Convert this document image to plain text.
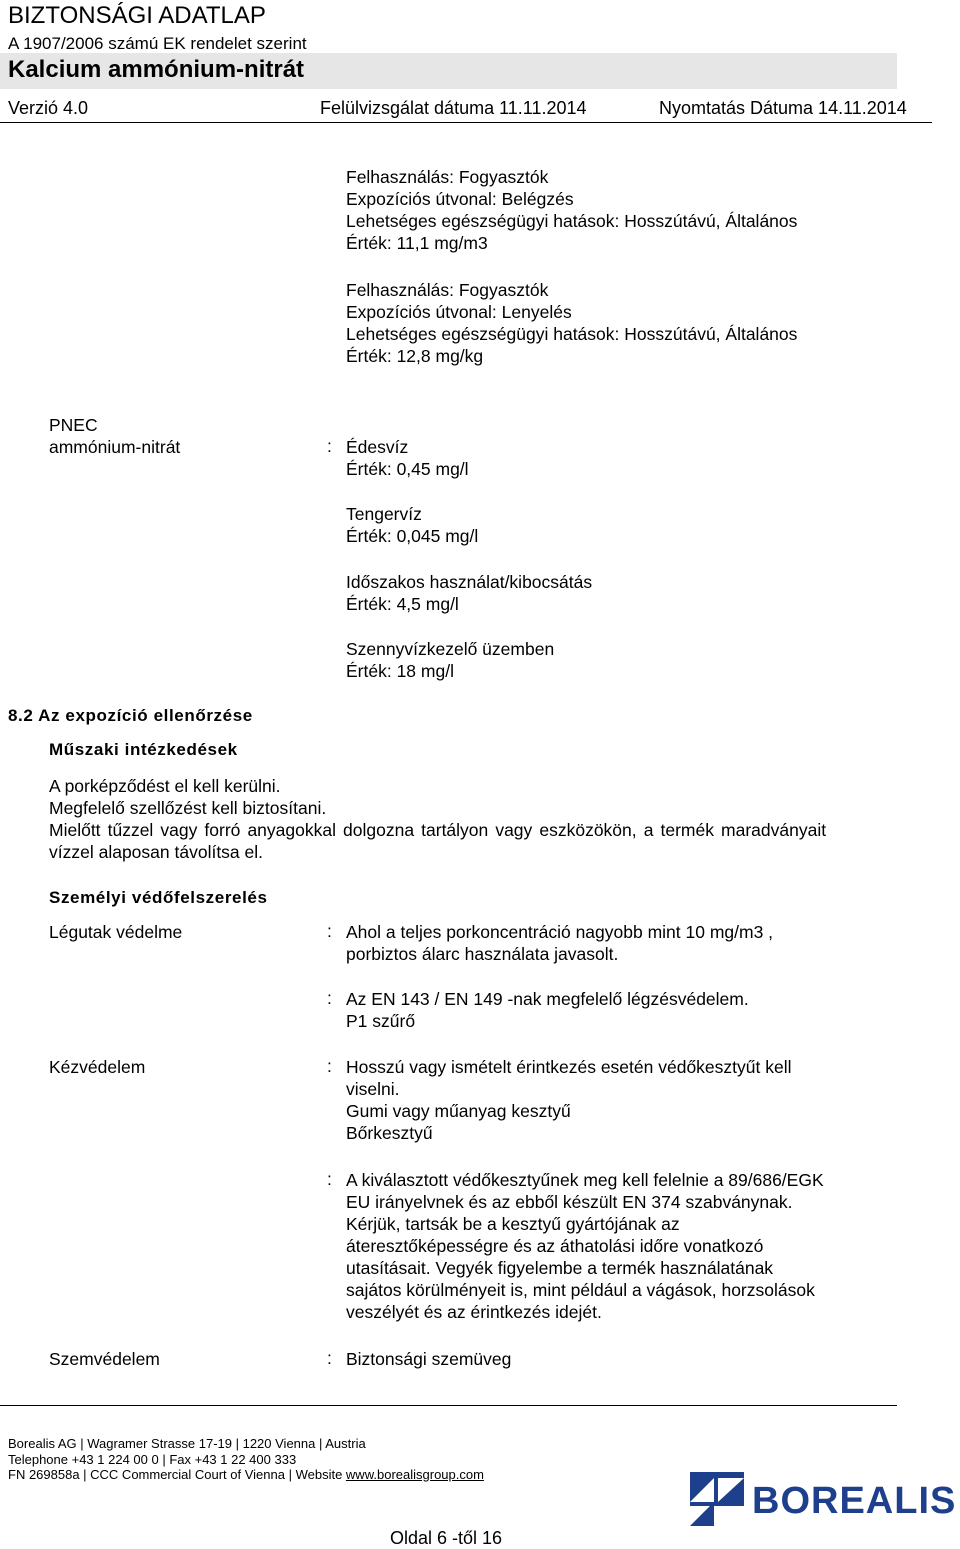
BIZTONSÁGI ADATLAP
A 1907/2006 számú EK rendelet szerint
Kalcium ammónium-nitrát
Verzió 4.0	Felülvizsgálat dátuma 11.11.2014	Nyomtatás Dátuma 14.11.2014
Felhasználás: Fogyasztók
Expozíciós útvonal: Belégzés
Lehetséges egészségügyi hatások: Hosszútávú, Általános
Érték: 11,1 mg/m3
Felhasználás: Fogyasztók
Expozíciós útvonal: Lenyelés
Lehetséges egészségügyi hatások: Hosszútávú, Általános
Érték: 12,8 mg/kg
PNEC
ammónium-nitrát	: Édesvíz
Érték: 0,45 mg/l
Tengervíz
Érték: 0,045 mg/l
Időszakos használat/kibocsátás
Érték: 4,5 mg/l
Szennyvízkezelő üzemben
Érték: 18 mg/l
8.2 Az expozíció ellenőrzése
Műszaki intézkedések
A porképződést el kell kerülni.
Megfelelő szellőzést kell biztosítani.
Mielőtt tűzzel vagy forró anyagokkal dolgozna tartályon vagy eszközökön, a termék maradványait
vízzel alaposan távolítsa el.
Személyi védőfelszerelés
Légutak védelme	: Ahol a teljes porkoncentráció nagyobb mint 10 mg/m3 ,
porbiztos álarc használata javasolt.
: Az EN 143 / EN 149 -nak megfelelő légzésvédelem.
P1 szűrő
Kézvédelem	: Hosszú vagy ismételt érintkezés esetén védőkesztyűt kell
viselni.
Gumi vagy műanyag kesztyű
Bőrkesztyű
: A kiválasztott védőkesztyűnek meg kell felelnie a 89/686/EGK
EU irányelvnek és az ebből készült EN 374 szabványnak.
Kérjük, tartsák be a kesztyű gyártójának az
áteresztőképességre és az áthatolási időre vonatkozó
utasításait. Vegyék figyelembe a termék használatának
sajátos körülményeit is, mint például a vágások, horzsolások
veszélyét és az érintkezés idejét.
Szemvédelem	: Biztonsági szemüveg
Borealis AG | Wagramer Strasse 17-19 | 1220 Vienna | Austria
Telephone +43 1 224 00 0 | Fax +43 1 22 400 333
FN 269858a | CCC Commercial Court of Vienna | Website www.borealisgroup.com
BOREALIS
Oldal 6 -től 16
